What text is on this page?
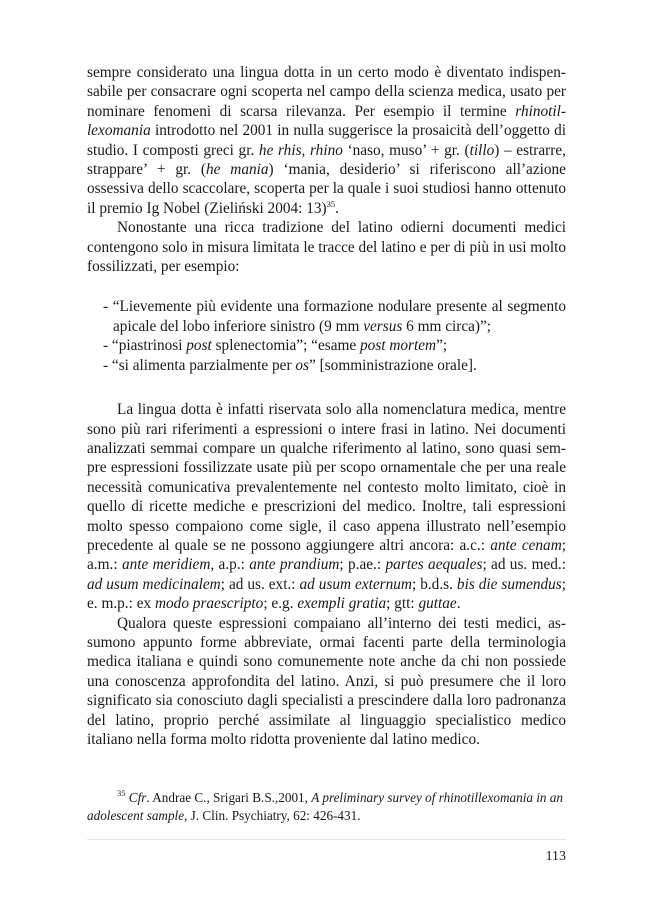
sempre considerato una lingua dotta in un certo modo è diventato indispensabile per consacrare ogni scoperta nel campo della scienza medica, usato per nominare fenomeni di scarsa rilevanza. Per esempio il termine rhinotillexomania introdotto nel 2001 in nulla suggerisce la prosaicità dell’oggetto di studio. I composti greci gr. he rhis, rhino ‘naso, muso’ + gr. (tillo) – estrarre, strappare’ + gr. (he mania) ‘mania, desiderio’ si riferiscono all’azione ossessiva dello scaccolare, scoperta per la quale i suoi studiosi hanno ottenuto il premio Ig Nobel (Zieliński 2004: 13)$^{35}$.

Nonostante una ricca tradizione del latino odierni documenti medici contengono solo in misura limitata le tracce del latino e per di più in usi molto fossilizzati, per esempio:

- “Lievemente più evidente una formazione nodulare presente al segmento apicale del lobo inferiore sinistro (9 mm versus 6 mm circa)”;
- “piastrinosi post splenectomia”; “esame post mortem”;
- “si alimenta parzialmente per os” [somministrazione orale].

La lingua dotta è infatti riservata solo alla nomenclatura medica, mentre sono più rari riferimenti a espressioni o intere frasi in latino. Nei documenti analizzati semmai compare un qualche riferimento al latino, sono quasi sempre espressioni fossilizzate usate più per scopo ornamentale che per una reale necessità comunicativa prevalentemente nel contesto molto limitato, cioè in quello di ricette mediche e prescrizioni del medico. Inoltre, tali espressioni molto spesso compaiono come sigle, il caso appena illustrato nell’esempio precedente al quale se ne possono aggiungere altri ancora: a.c.: ante cenam; a.m.: ante meridiem, a.p.: ante prandium; p.ae.: partes aequales; ad us. med.: ad usum medicinalem; ad us. ext.: ad usum externum; b.d.s. bis die sumendus; e. m.p.: ex modo praescripto; e.g. exempli gratia; gtt: guttae.

Qualora queste espressioni compaiano all’interno dei testi medici, assumono appunto forme abbreviate, ormai facenti parte della terminologia medica italiana e quindi sono comunemente note anche da chi non possiede una conoscenza approfondita del latino. Anzi, si può presumere che il loro significato sia conosciuto dagli specialisti a prescindere dalla loro padronanza del latino, proprio perché assimilate al linguaggio specialistico medico italiano nella forma molto ridotta proveniente dal latino medico.

$^{35}$ Cfr. Andrae C., Srigari B.S.,2001, A preliminary survey of rhinotillexomania in an adolescent sample, J. Clin. Psychiatry, 62: 426-431.

113
